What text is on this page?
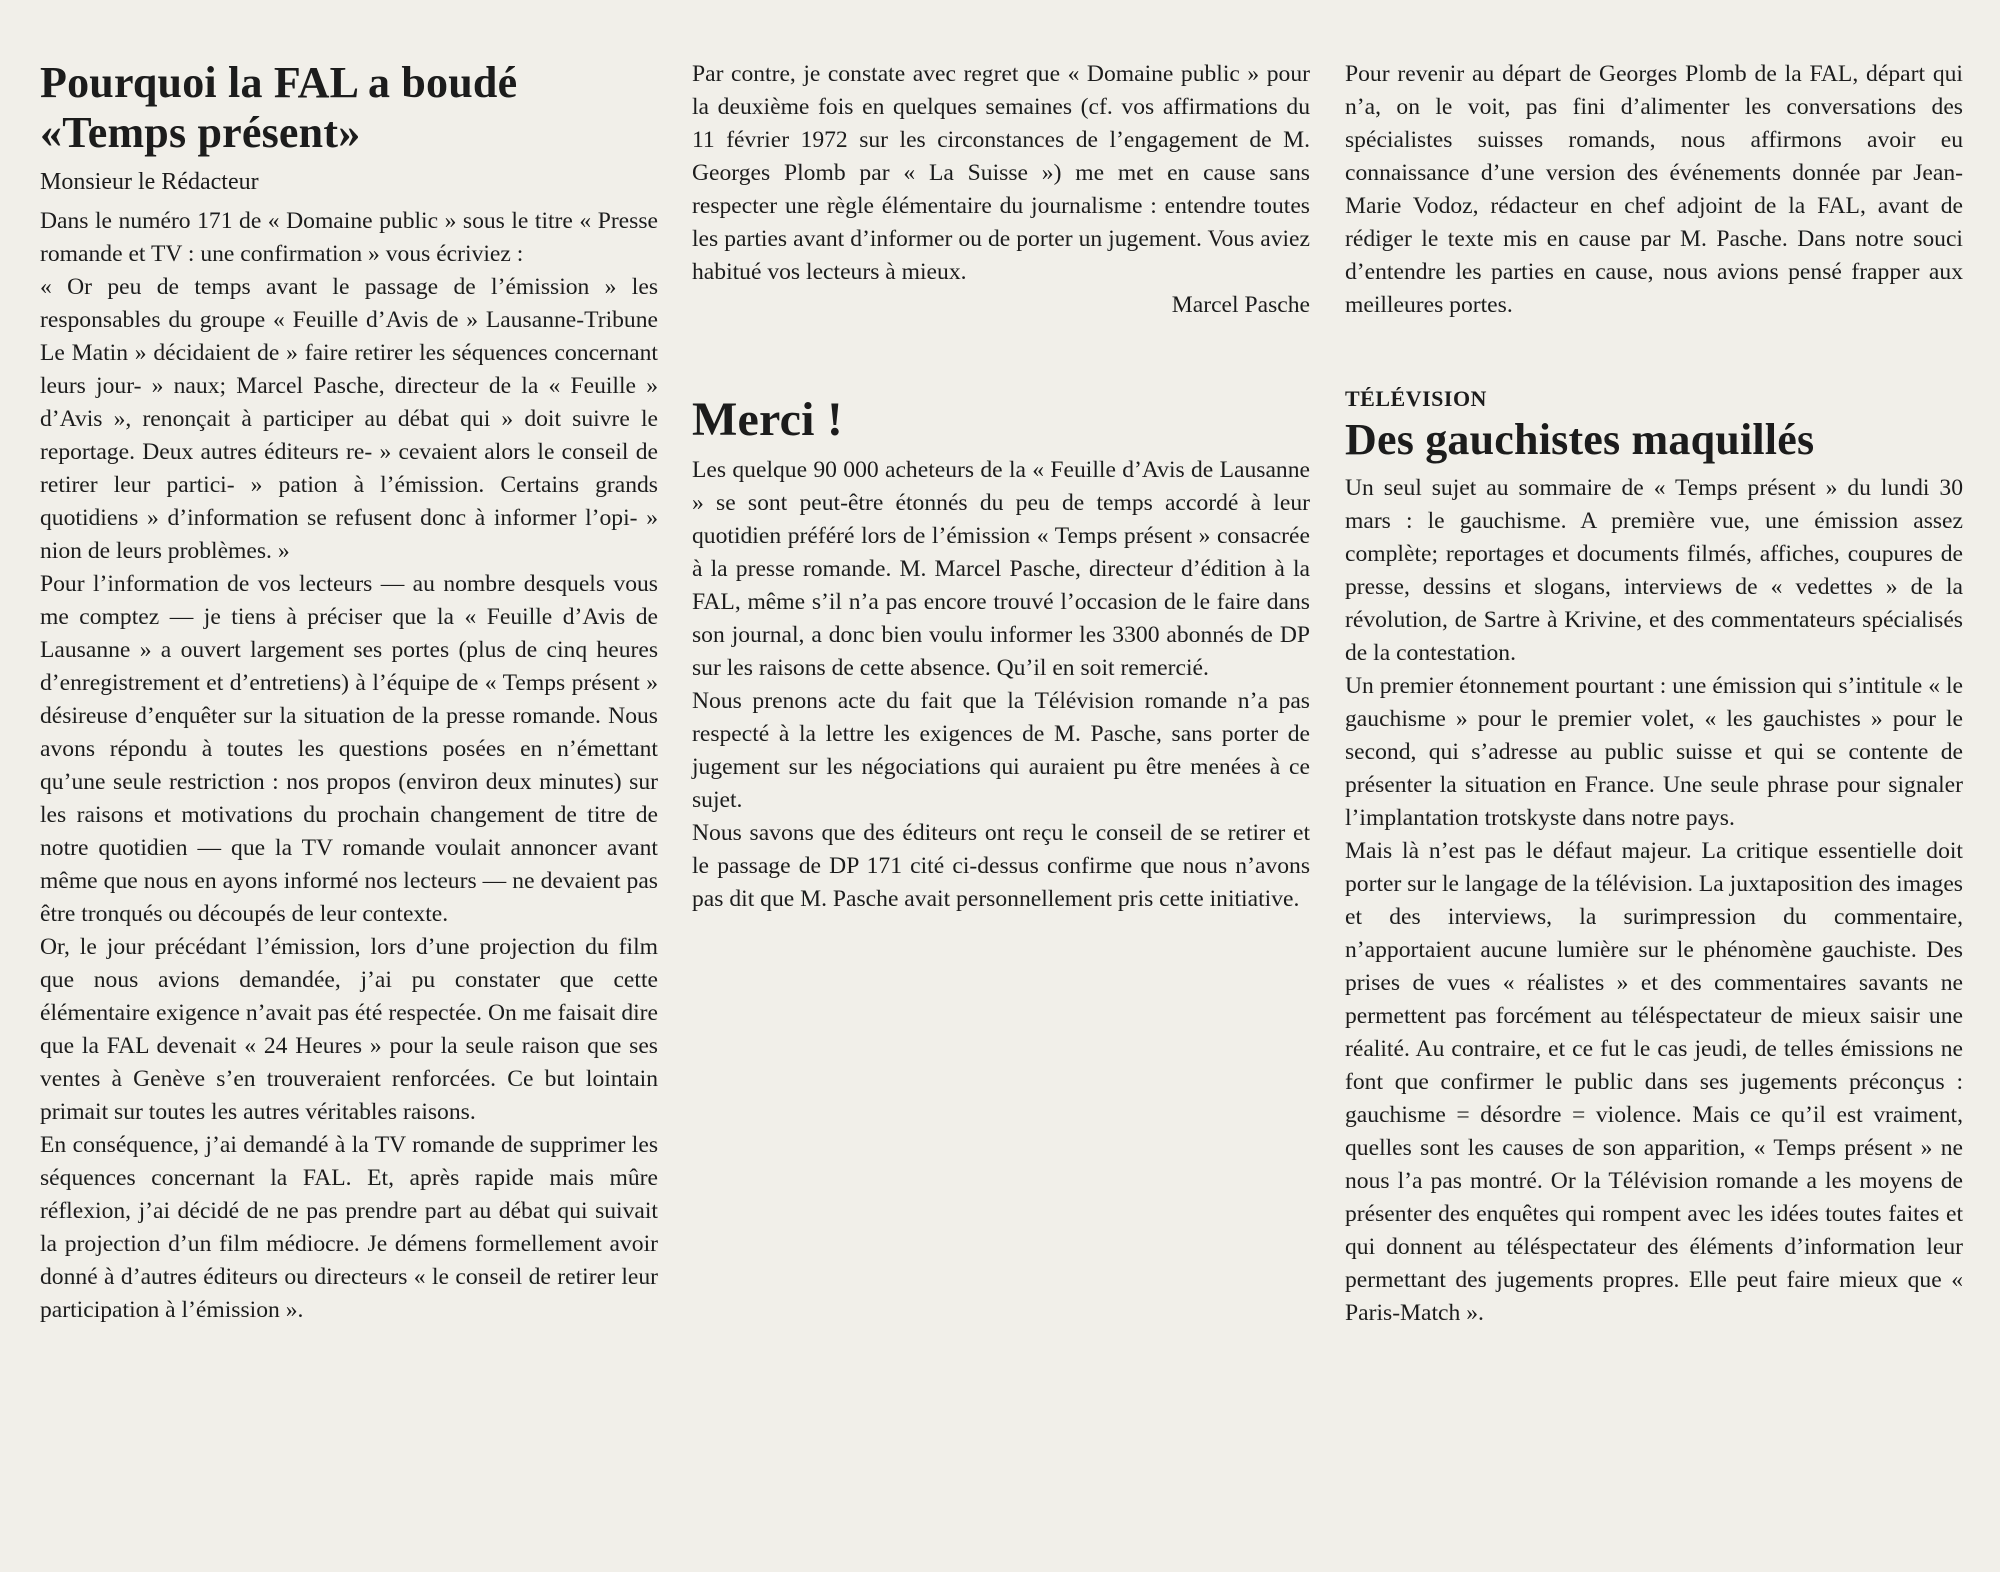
Pourquoi la FAL a boudé
«Temps présent»
Monsieur le Rédacteur

Dans le numéro 171 de « Domaine public » sous le titre « Presse romande et TV : une confirmation » vous écriviez :

« Or peu de temps avant le passage de l’émission » les responsables du groupe « Feuille d’Avis de » Lausanne-Tribune Le Matin » décidaient de » faire retirer les séquences concernant leurs jour- » naux; Marcel Pasche, directeur de la « Feuille » d’Avis », renonçait à participer au débat qui » doit suivre le reportage. Deux autres éditeurs re- » cevaient alors le conseil de retirer leur partici- » pation à l’émission. Certains grands quotidiens » d’information se refusent donc à informer l’opi- » nion de leurs problèmes. »

Pour l’information de vos lecteurs — au nombre desquels vous me comptez — je tiens à préciser que la « Feuille d’Avis de Lausanne » a ouvert largement ses portes (plus de cinq heures d’enregistrement et d’entretiens) à l’équipe de « Temps présent » désireuse d’enquêter sur la situation de la presse romande. Nous avons répondu à toutes les questions posées en n’émettant qu’une seule restriction : nos propos (environ deux minutes) sur les raisons et motivations du prochain changement de titre de notre quotidien — que la TV romande voulait annoncer avant même que nous en ayons informé nos lecteurs — ne devaient pas être tronqués ou découpés de leur contexte.

Or, le jour précédant l’émission, lors d’une projection du film que nous avions demandée, j’ai pu constater que cette élémentaire exigence n’avait pas été respectée. On me faisait dire que la FAL devenait « 24 Heures » pour la seule raison que ses ventes à Genève s’en trouveraient renforcées. Ce but lointain primait sur toutes les autres véritables raisons.

En conséquence, j’ai demandé à la TV romande de supprimer les séquences concernant la FAL. Et, après rapide mais mûre réflexion, j’ai décidé de ne pas prendre part au débat qui suivait la projection d’un film médiocre. Je démens formellement avoir donné à d’autres éditeurs ou directeurs « le conseil de retirer leur participation à l’émission ».

Par contre, je constate avec regret que « Domaine public » pour la deuxième fois en quelques semaines (cf. vos affirmations du 11 février 1972 sur les circonstances de l’engagement de M. Georges Plomb par « La Suisse ») me met en cause sans respecter une règle élémentaire du journalisme : entendre toutes les parties avant d’informer ou de porter un jugement. Vous aviez habitué vos lecteurs à mieux.

Marcel Pasche

Merci !

Les quelque 90 000 acheteurs de la « Feuille d’Avis de Lausanne » se sont peut-être étonnés du peu de temps accordé à leur quotidien préféré lors de l’émission « Temps présent » consacrée à la presse romande. M. Marcel Pasche, directeur d’édition à la FAL, même s’il n’a pas encore trouvé l’occasion de le faire dans son journal, a donc bien voulu informer les 3300 abonnés de DP sur les raisons de cette absence. Qu’il en soit remercié.

Nous prenons acte du fait que la Télévision romande n’a pas respecté à la lettre les exigences de M. Pasche, sans porter de jugement sur les négociations qui auraient pu être menées à ce sujet.

Nous savons que des éditeurs ont reçu le conseil de se retirer et le passage de DP 171 cité ci-dessus confirme que nous n’avons pas dit que M. Pasche avait personnellement pris cette initiative.

Pour revenir au départ de Georges Plomb de la FAL, départ qui n’a, on le voit, pas fini d’alimenter les conversations des spécialistes suisses romands, nous affirmons avoir eu connaissance d’une version des événements donnée par Jean-Marie Vodoz, rédacteur en chef adjoint de la FAL, avant de rédiger le texte mis en cause par M. Pasche. Dans notre souci d’entendre les parties en cause, nous avions pensé frapper aux meilleures portes.

TÉLÉVISION
Des gauchistes maquillés

Un seul sujet au sommaire de « Temps présent » du lundi 30 mars : le gauchisme. A première vue, une émission assez complète; reportages et documents filmés, affiches, coupures de presse, dessins et slogans, interviews de « vedettes » de la révolution, de Sartre à Krivine, et des commentateurs spécialisés de la contestation.

Un premier étonnement pourtant : une émission qui s’intitule « le gauchisme » pour le premier volet, « les gauchistes » pour le second, qui s’adresse au public suisse et qui se contente de présenter la situation en France. Une seule phrase pour signaler l’implantation trotskyste dans notre pays.

Mais là n’est pas le défaut majeur. La critique essentielle doit porter sur le langage de la télévision. La juxtaposition des images et des interviews, la surimpression du commentaire, n’apportaient aucune lumière sur le phénomène gauchiste. Des prises de vues « réalistes » et des commentaires savants ne permettent pas forcément au téléspectateur de mieux saisir une réalité. Au contraire, et ce fut le cas jeudi, de telles émissions ne font que confirmer le public dans ses jugements préconçus : gauchisme = désordre = violence. Mais ce qu’il est vraiment, quelles sont les causes de son apparition, « Temps présent » ne nous l’a pas montré. Or la Télévision romande a les moyens de présenter des enquêtes qui rompent avec les idées toutes faites et qui donnent au téléspectateur des éléments d’information leur permettant des jugements propres. Elle peut faire mieux que « Paris-Match ».
